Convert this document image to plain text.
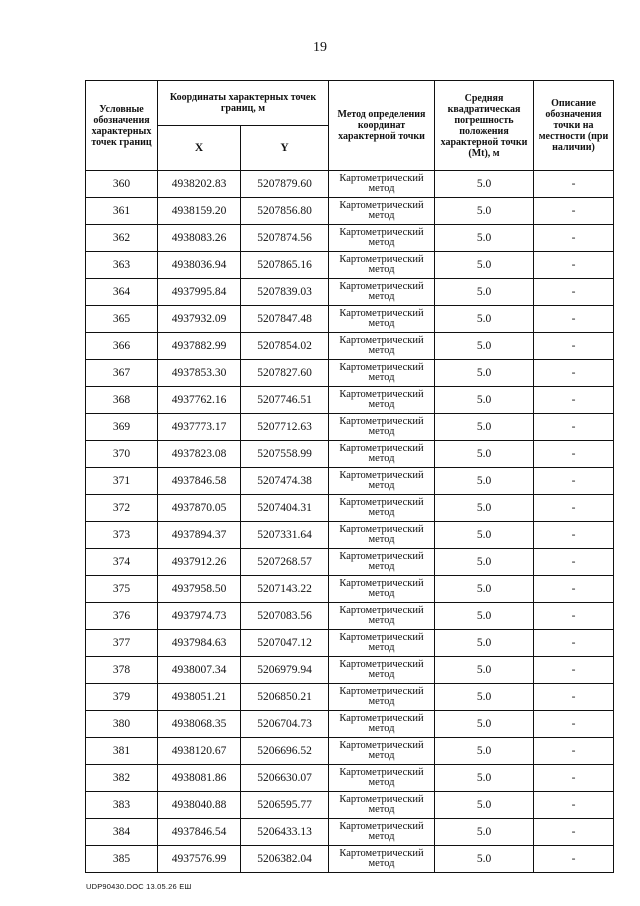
19
Условные обозначения характерных точек границ	Координаты характерных точек границ, м		Метод определения координат характерной точки	Средняя квадратическая погрешность положения характерной точки (Mt), м	Описание обозначения точки на местности (при наличии)
	X	Y			
360	4938202.83	5207879.60	Картометрический метод	5.0	-
361	4938159.20	5207856.80	Картометрический метод	5.0	-
362	4938083.26	5207874.56	Картометрический метод	5.0	-
363	4938036.94	5207865.16	Картометрический метод	5.0	-
364	4937995.84	5207839.03	Картометрический метод	5.0	-
365	4937932.09	5207847.48	Картометрический метод	5.0	-
366	4937882.99	5207854.02	Картометрический метод	5.0	-
367	4937853.30	5207827.60	Картометрический метод	5.0	-
368	4937762.16	5207746.51	Картометрический метод	5.0	-
369	4937773.17	5207712.63	Картометрический метод	5.0	-
370	4937823.08	5207558.99	Картометрический метод	5.0	-
371	4937846.58	5207474.38	Картометрический метод	5.0	-
372	4937870.05	5207404.31	Картометрический метод	5.0	-
373	4937894.37	5207331.64	Картометрический метод	5.0	-
374	4937912.26	5207268.57	Картометрический метод	5.0	-
375	4937958.50	5207143.22	Картометрический метод	5.0	-
376	4937974.73	5207083.56	Картометрический метод	5.0	-
377	4937984.63	5207047.12	Картометрический метод	5.0	-
378	4938007.34	5206979.94	Картометрический метод	5.0	-
379	4938051.21	5206850.21	Картометрический метод	5.0	-
380	4938068.35	5206704.73	Картометрический метод	5.0	-
381	4938120.67	5206696.52	Картометрический метод	5.0	-
382	4938081.86	5206630.07	Картометрический метод	5.0	-
383	4938040.88	5206595.77	Картометрический метод	5.0	-
384	4937846.54	5206433.13	Картометрический метод	5.0	-
385	4937576.99	5206382.04	Картометрический метод	5.0	-
UDP90430.DOC 13.05.26 ЕШ
